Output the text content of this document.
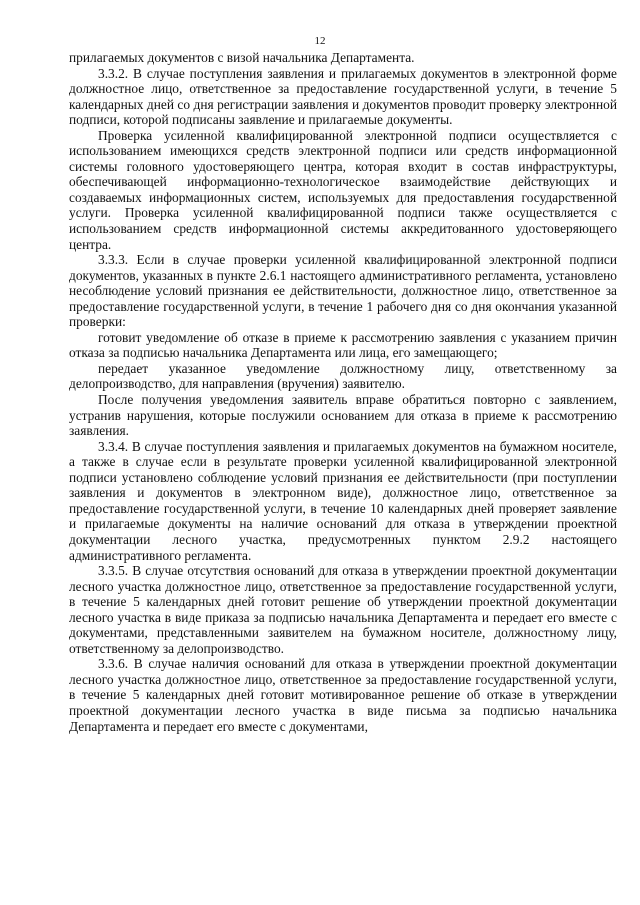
12

прилагаемых документов с визой начальника Департамента.

3.3.2. В случае поступления заявления и прилагаемых документов в электронной форме должностное лицо, ответственное за предоставление государственной услуги, в течение 5 календарных дней со дня регистрации заявления и документов проводит проверку электронной подписи, которой подписаны заявление и прилагаемые документы.

Проверка усиленной квалифицированной электронной подписи осуществляется с использованием имеющихся средств электронной подписи или средств информационной системы головного удостоверяющего центра, которая входит в состав инфраструктуры, обеспечивающей информационно-технологическое взаимодействие действующих и создаваемых информационных систем, используемых для предоставления государственной услуги. Проверка усиленной квалифицированной подписи также осуществляется с использованием средств информационной системы аккредитованного удостоверяющего центра.

3.3.3. Если в случае проверки усиленной квалифицированной электронной подписи документов, указанных в пункте 2.6.1 настоящего административного регламента, установлено несоблюдение условий признания ее действительности, должностное лицо, ответственное за предоставление государственной услуги, в течение 1 рабочего дня со дня окончания указанной проверки:

готовит уведомление об отказе в приеме к рассмотрению заявления с указанием причин отказа за подписью начальника Департамента или лица, его замещающего;

передает указанное уведомление должностному лицу, ответственному за делопроизводство, для направления (вручения) заявителю.

После получения уведомления заявитель вправе обратиться повторно с заявлением, устранив нарушения, которые послужили основанием для отказа в приеме к рассмотрению заявления.

3.3.4. В случае поступления заявления и прилагаемых документов на бумажном носителе, а также в случае если в результате проверки усиленной квалифицированной электронной подписи установлено соблюдение условий признания ее действительности (при поступлении заявления и документов в электронном виде), должностное лицо, ответственное за предоставление государственной услуги, в течение 10 календарных дней проверяет заявление и прилагаемые документы на наличие оснований для отказа в утверждении проектной документации лесного участка, предусмотренных пунктом 2.9.2 настоящего административного регламента.

3.3.5. В случае отсутствия оснований для отказа в утверждении проектной документации лесного участка должностное лицо, ответственное за предоставление государственной услуги, в течение 5 календарных дней готовит решение об утверждении проектной документации лесного участка в виде приказа за подписью начальника Департамента и передает его вместе с документами, представленными заявителем на бумажном носителе, должностному лицу, ответственному за делопроизводство.

3.3.6. В случае наличия оснований для отказа в утверждении проектной документации лесного участка должностное лицо, ответственное за предоставление государственной услуги, в течение 5 календарных дней готовит мотивированное решение об отказе в утверждении проектной документации лесного участка в виде письма за подписью начальника Департамента и передает его вместе с документами,
